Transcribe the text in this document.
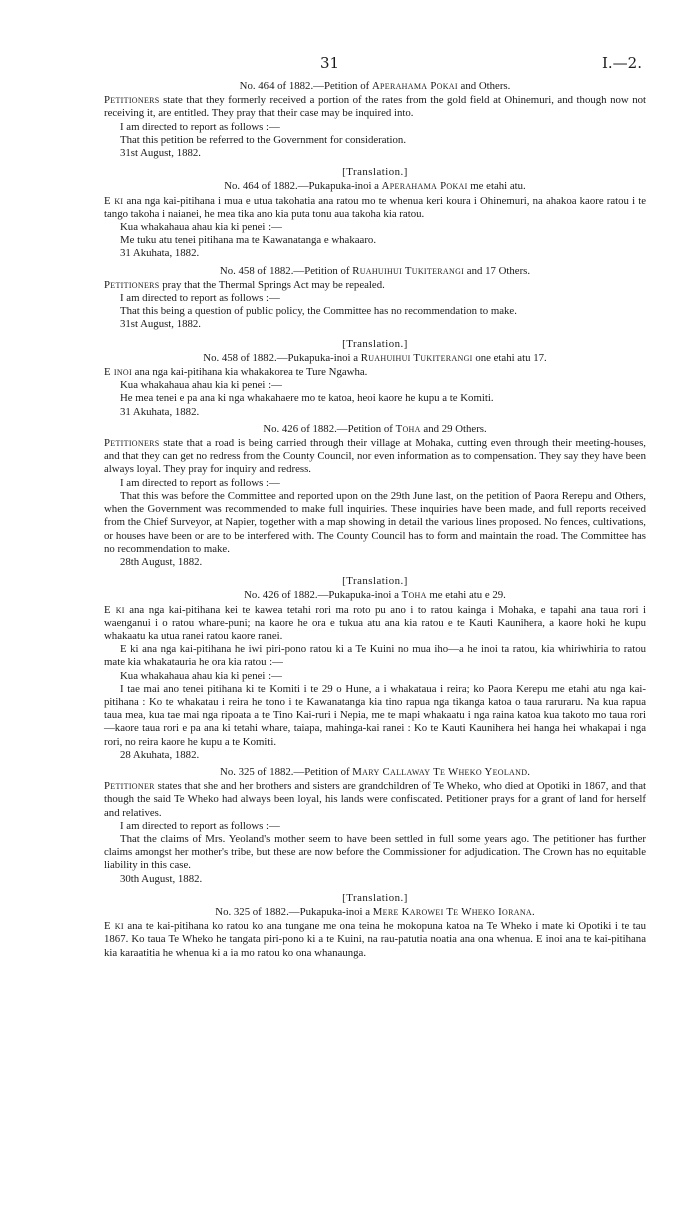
31	I.—2.
No. 464 of 1882.—Petition of Aperahama Pokai and Others.

Petitioners state that they formerly received a portion of the rates from the gold field at Ohinemuri, and though now not receiving it, are entitled. They pray that their case may be inquired into.

I am directed to report as follows :—

That this petition be referred to the Government for consideration.

31st August, 1882.

[Translation.]
No. 464 of 1882.—Pukapuka-inoi a Aperahama Pokai me etahi atu.

E ki ana nga kai-pitihana i mua e utua takohatia ana ratou mo te whenua keri koura i Ohinemuri, na ahakoa kaore ratou i te tango takoha i naianei, he mea tika ano kia puta tonu aua takoha kia ratou.

Kua whakahaua ahau kia ki penei :—

Me tuku atu tenei pitihana ma te Kawanatanga e whakaaro.

31 Akuhata, 1882.

No. 458 of 1882.—Petition of Ruahuihui Tukiterangi and 17 Others.

Petitioners pray that the Thermal Springs Act may be repealed.

I am directed to report as follows :—

That this being a question of public policy, the Committee has no recommendation to make.

31st August, 1882.

[Translation.]
No. 458 of 1882.—Pukapuka-inoi a Ruahuihui Tukiterangi one etahi atu 17.

E inoi ana nga kai-pitihana kia whakakorea te Ture Ngawha.

Kua whakahaua ahau kia ki penei :—

He mea tenei e pa ana ki nga whakahaere mo te katoa, heoi kaore he kupu a te Komiti.

31 Akuhata, 1882.

No. 426 of 1882.—Petition of Toha and 29 Others.

Petitioners state that a road is being carried through their village at Mohaka, cutting even through their meeting-houses, and that they can get no redress from the County Council, nor even information as to compensation. They say they have been always loyal. They pray for inquiry and redress.

I am directed to report as follows :—

That this was before the Committee and reported upon on the 29th June last, on the petition of Paora Rerepu and Others, when the Government was recommended to make full inquiries. These inquiries have been made, and full reports received from the Chief Surveyor, at Napier, together with a map showing in detail the various lines proposed. No fences, cultivations, or houses have been or are to be interfered with. The County Council has to form and maintain the road. The Committee has no recommendation to make.

28th August, 1882.

[Translation.]
No. 426 of 1882.—Pukapuka-inoi a Toha me etahi atu e 29.

E ki ana nga kai-pitihana kei te kawea tetahi rori ma roto pu ano i to ratou kainga i Mohaka, e tapahi ana taua rori i waenganui i o ratou whare-puni; na kaore he ora e tukua atu ana kia ratou e te Kauti Kaunihera, a kaore hoki he kupu whakaatu ka utua ranei ratou kaore ranei.

E ki ana nga kai-pitihana he iwi piri-pono ratou ki a Te Kuini no mua iho—a he inoi ta ratou, kia whiriwhiria to ratou mate kia whakatauria he ora kia ratou :—

Kua whakahaua ahau kia ki penei :—

I tae mai ano tenei pitihana ki te Komiti i te 29 o Hune, a i whakataua i reira; ko Paora Kerepu me etahi atu nga kai-pitihana : Ko te whakatau i reira he tono i te Kawanatanga kia tino rapua nga tikanga katoa o taua raruraru. Na kua rapua taua mea, kua tae mai nga ripoata a te Tino Kai-ruri i Nepia, me te mapi whakaatu i nga raina katoa kua takoto mo taua rori—kaore taua rori e pa ana ki tetahi whare, taiapa, mahinga-kai ranei : Ko te Kauti Kaunihera hei hanga hei whakapai i nga rori, no reira kaore he kupu a te Komiti.

28 Akuhata, 1882.

No. 325 of 1882.—Petition of Mary Callaway Te Wheko Yeoland.

Petitioner states that she and her brothers and sisters are grandchildren of Te Wheko, who died at Opotiki in 1867, and that though the said Te Wheko had always been loyal, his lands were confiscated. Petitioner prays for a grant of land for herself and relatives.

I am directed to report as follows :—

That the claims of Mrs. Yeoland's mother seem to have been settled in full some years ago. The petitioner has further claims amongst her mother's tribe, but these are now before the Commissioner for adjudication. The Crown has no equitable liability in this case.

30th August, 1882.

[Translation.]
No. 325 of 1882.—Pukapuka-inoi a Mere Karowei Te Wheko Iorana.

E ki ana te kai-pitihana ko ratou ko ana tungane me ona teina he mokopuna katoa na Te Wheko i mate ki Opotiki i te tau 1867. Ko taua Te Wheko he tangata piri-pono ki a te Kuini, na rau-patutia noatia ana ona whenua. E inoi ana te kai-pitihana kia karaatitia he whenua ki a ia mo ratou ko ona whanaunga.
